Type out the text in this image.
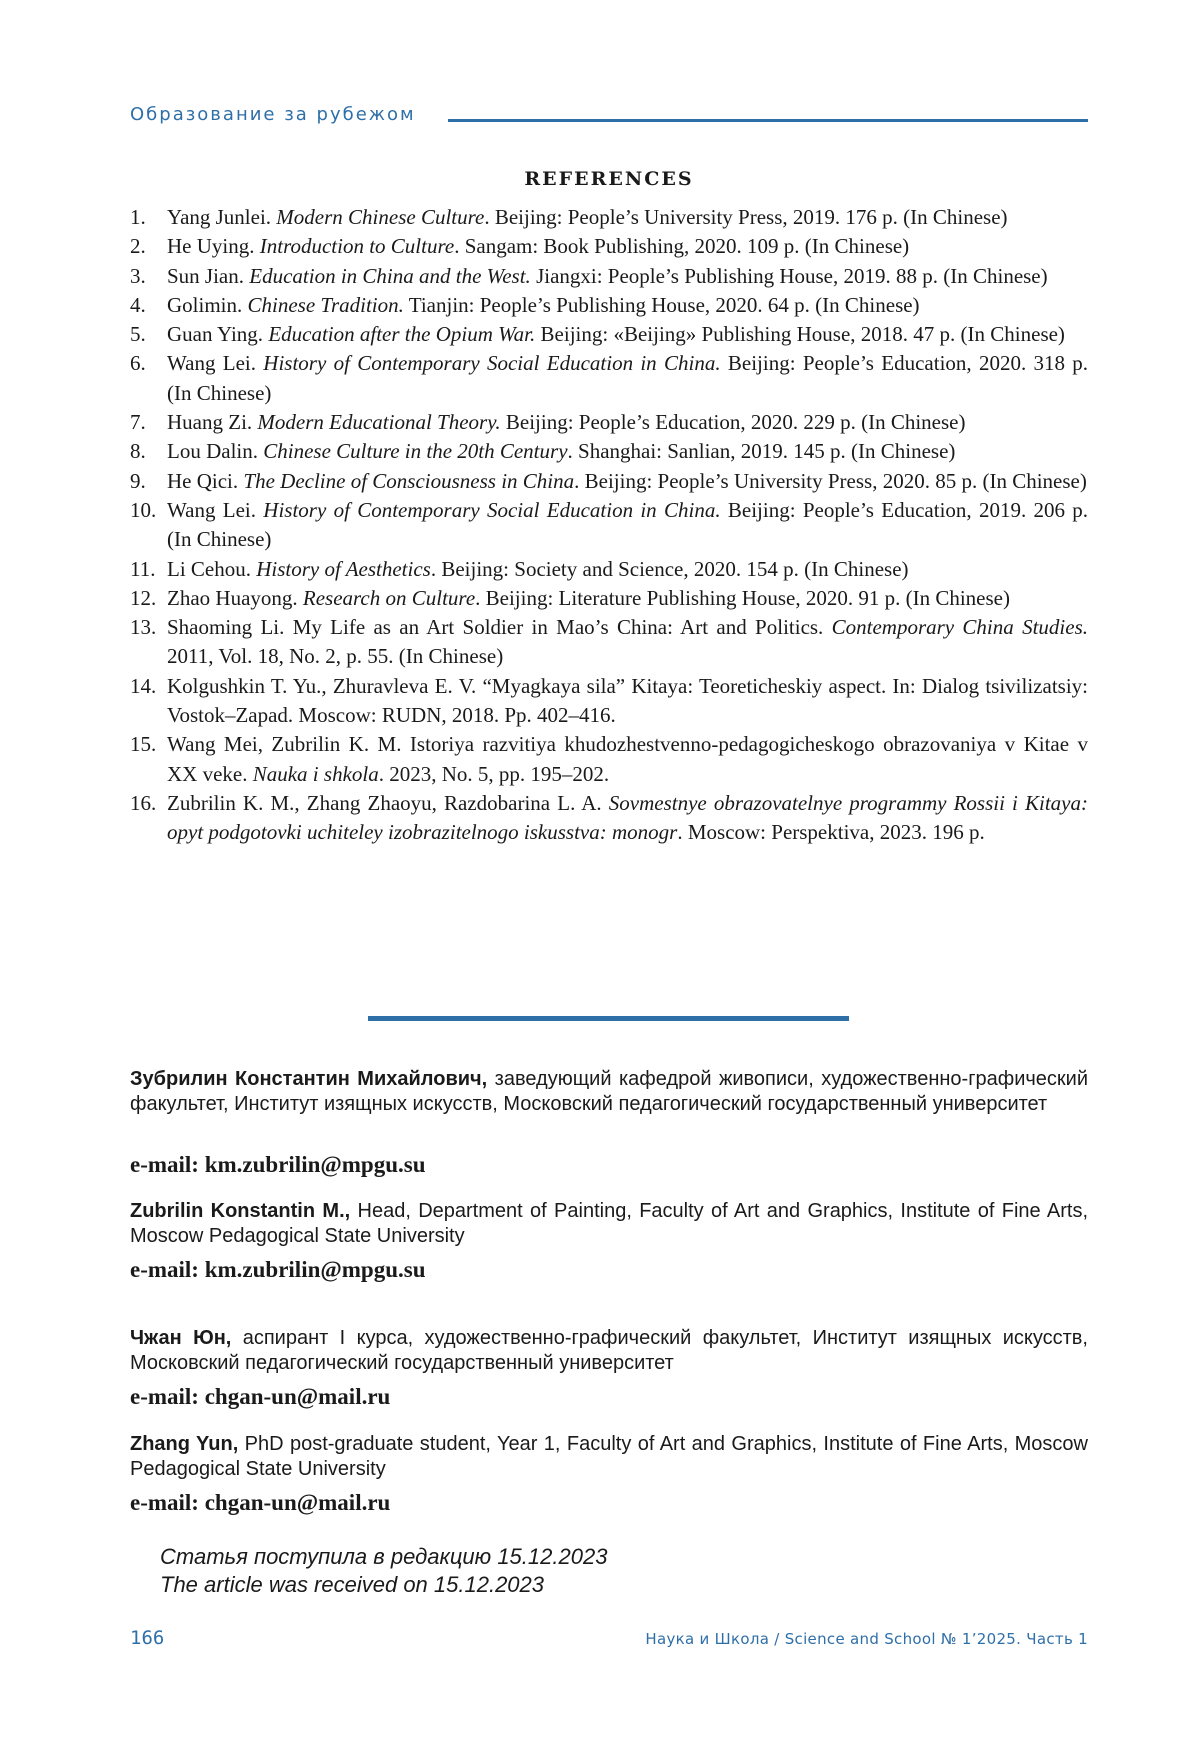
Образование за рубежом
REFERENCES
1. Yang Junlei. Modern Chinese Culture. Beijing: People’s University Press, 2019. 176 p. (In Chinese)
2. He Uying. Introduction to Culture. Sangam: Book Publishing, 2020. 109 p. (In Chinese)
3. Sun Jian. Education in China and the West. Jiangxi: People’s Publishing House, 2019. 88 p. (In Chinese)
4. Golimin. Chinese Tradition. Tianjin: People’s Publishing House, 2020. 64 p. (In Chinese)
5. Guan Ying. Education after the Opium War. Beijing: «Beijing» Publishing House, 2018. 47 p. (In Chinese)
6. Wang Lei. History of Contemporary Social Education in China. Beijing: People’s Education, 2020. 318 p. (In Chinese)
7. Huang Zi. Modern Educational Theory. Beijing: People’s Education, 2020. 229 p. (In Chinese)
8. Lou Dalin. Chinese Culture in the 20th Century. Shanghai: Sanlian, 2019. 145 p. (In Chinese)
9. He Qici. The Decline of Consciousness in China. Beijing: People’s University Press, 2020. 85 p. (In Chinese)
10. Wang Lei. History of Contemporary Social Education in China. Beijing: People’s Education, 2019. 206 p. (In Chinese)
11. Li Cehou. History of Aesthetics. Beijing: Society and Science, 2020. 154 p. (In Chinese)
12. Zhao Huayong. Research on Culture. Beijing: Literature Publishing House, 2020. 91 p. (In Chinese)
13. Shaoming Li. My Life as an Art Soldier in Mao’s China: Art and Politics. Contemporary China Studies. 2011, Vol. 18, No. 2, p. 55. (In Chinese)
14. Kolgushkin T. Yu., Zhuravleva E. V. “Myagkaya sila” Kitaya: Teoreticheskiy aspect. In: Dialog tsivilizatsiy: Vostok–Zapad. Moscow: RUDN, 2018. Pp. 402–416.
15. Wang Mei, Zubrilin K. M. Istoriya razvitiya khudozhestvenno-pedagogicheskogo obrazovaniya v Kitae v XX veke. Nauka i shkola. 2023, No. 5, pp. 195–202.
16. Zubrilin K. M., Zhang Zhaoyu, Razdobarina L. A. Sovmestnye obrazovatelnye programmy Rossii i Kitaya: opyt podgotovki uchiteley izobrazitelnogo iskusstva: monogr. Moscow: Perspektiva, 2023. 196 p.
Зубрилин Константин Михайлович, заведующий кафедрой живописи, художественно-графический факультет, Институт изящных искусств, Московский педагогический государственный университет
e-mail: km.zubrilin@mpgu.su
Zubrilin Konstantin M., Head, Department of Painting, Faculty of Art and Graphics, Institute of Fine Arts, Moscow Pedagogical State University
e-mail: km.zubrilin@mpgu.su
Чжан Юн, аспирант I курса, художественно-графический факультет, Институт изящных искусств, Московский педагогический государственный университет
e-mail: chgan-un@mail.ru
Zhang Yun, PhD post-graduate student, Year 1, Faculty of Art and Graphics, Institute of Fine Arts, Moscow Pedagogical State University
e-mail: chgan-un@mail.ru
Статья поступила в редакцию 15.12.2023
The article was received on 15.12.2023
166	Наука и Школа / Science and School № 1’2025. Часть 1
